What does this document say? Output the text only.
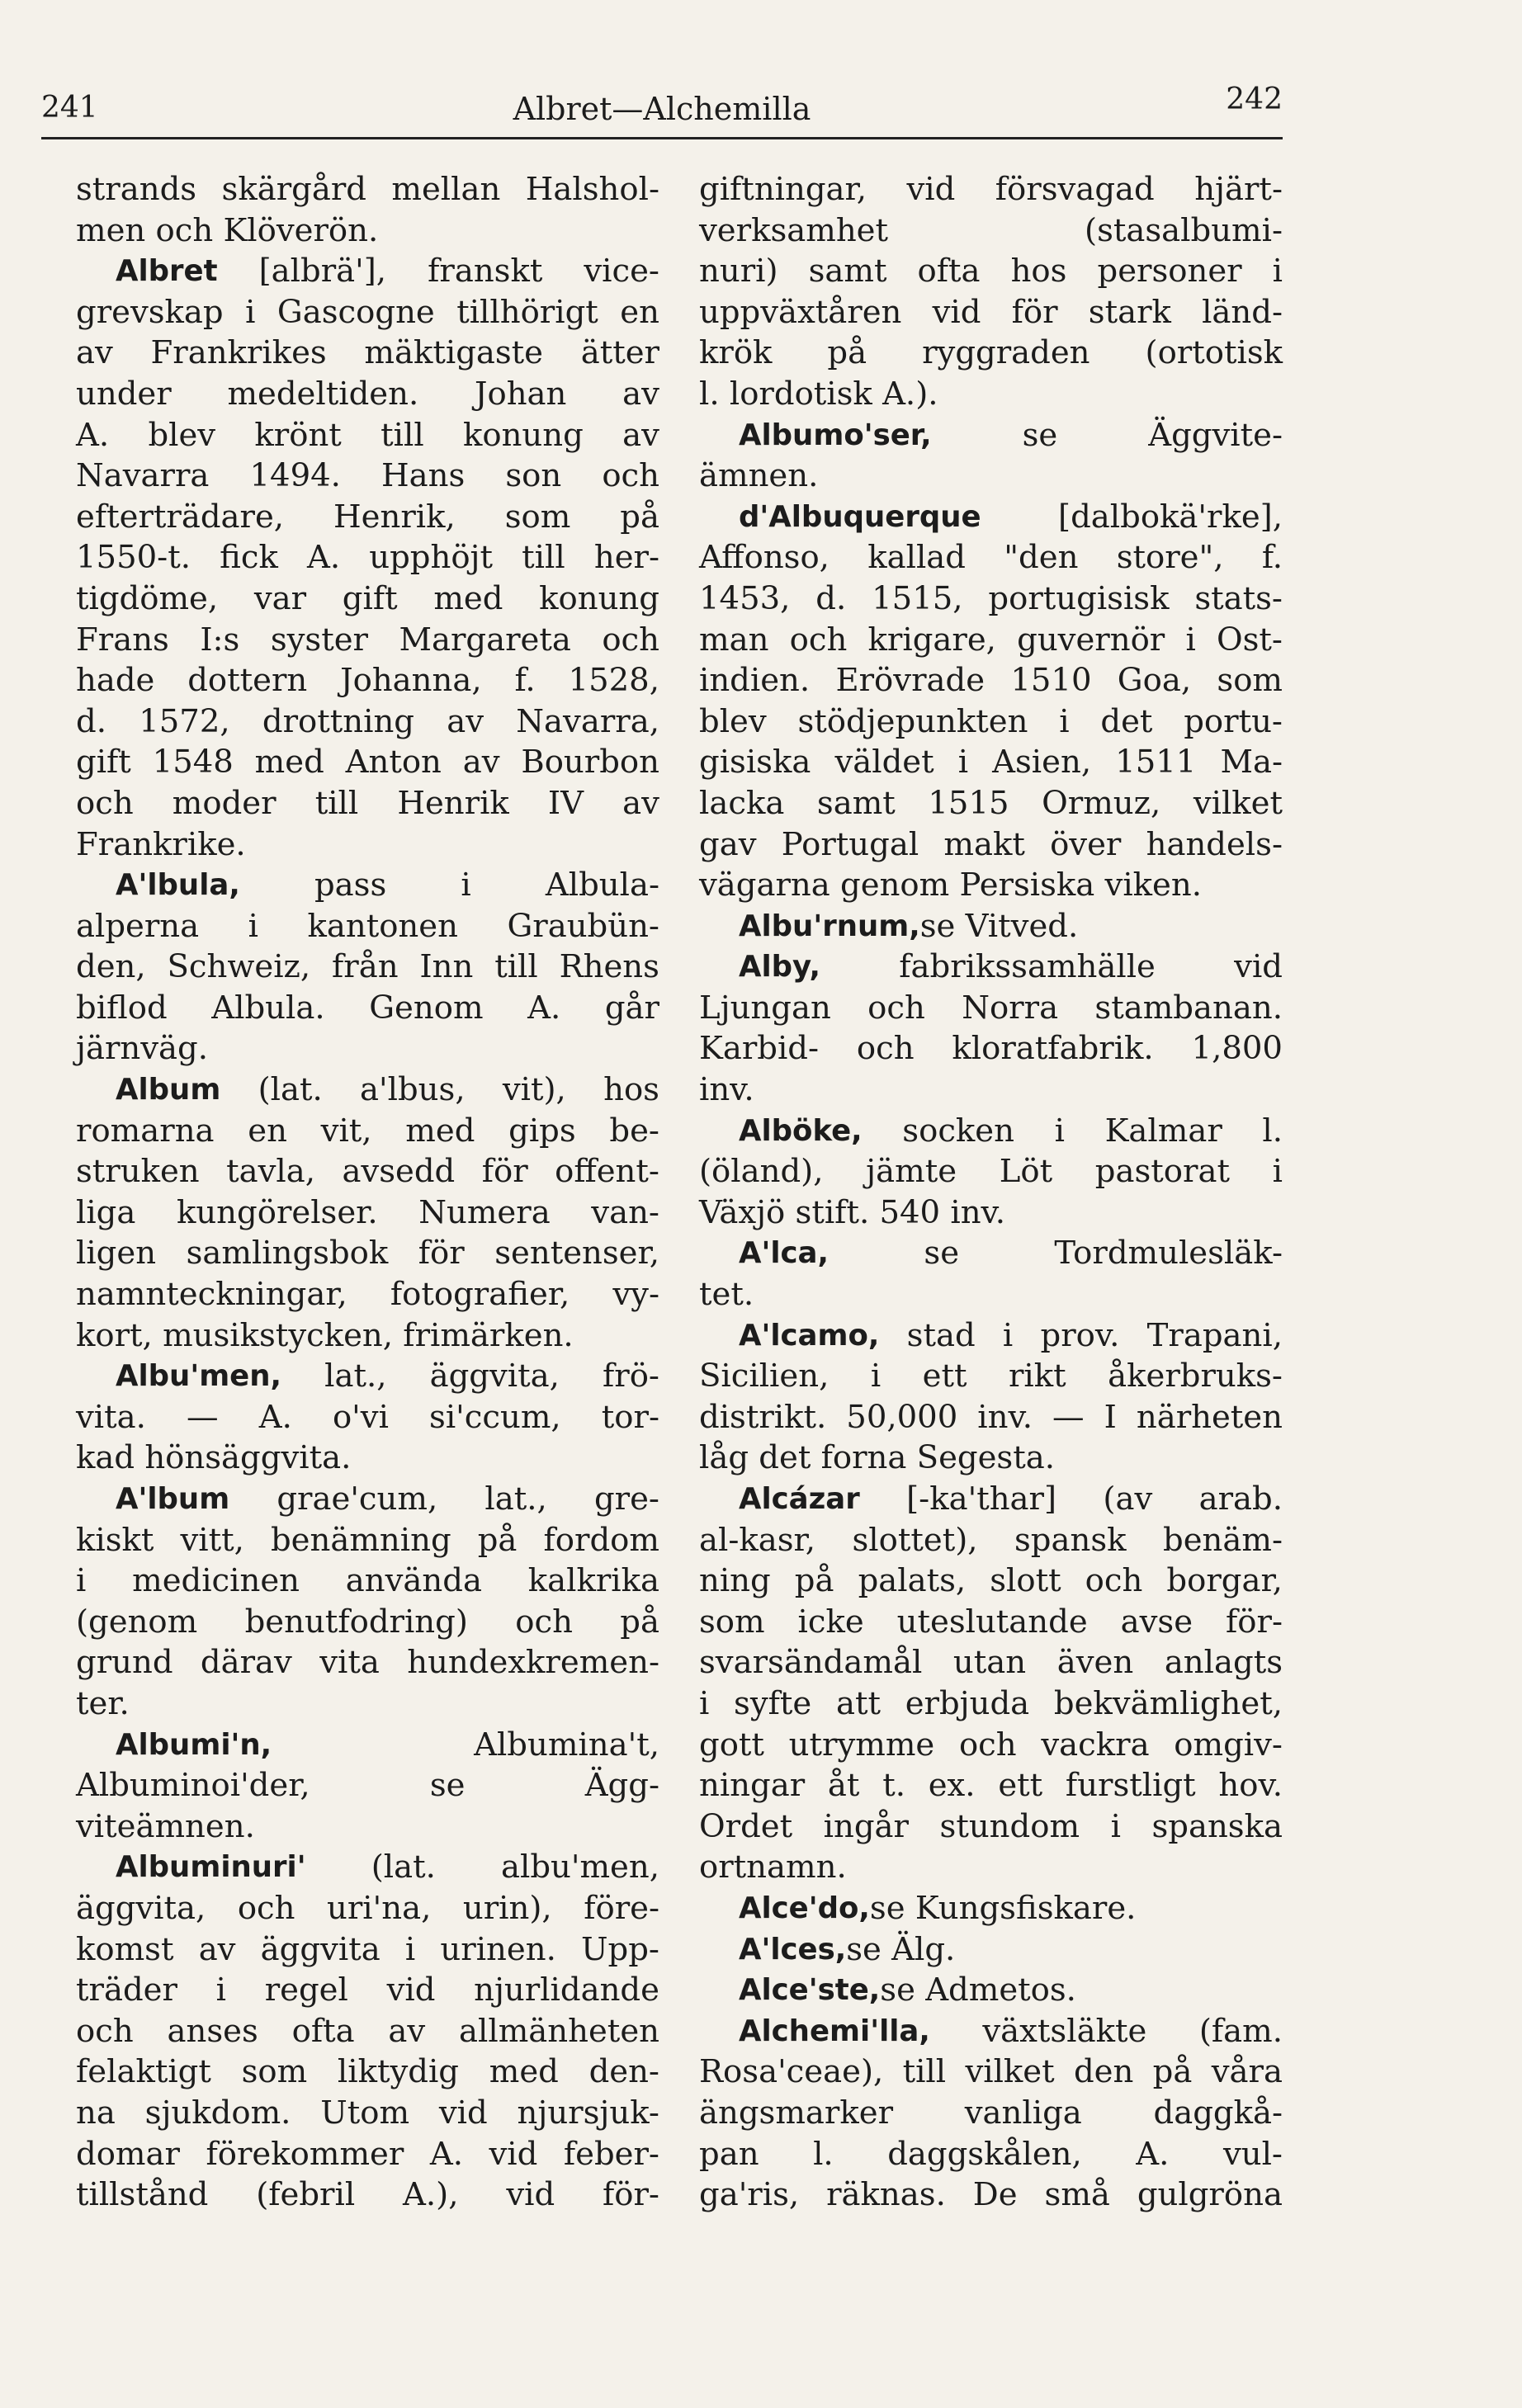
241	Albret—Alchemilla	242
strands skärgård mellan Halshol-
men och Klöverön.
Albret [albrä'], franskt vice-
grevskap i Gascogne tillhörigt en
av Frankrikes mäktigaste ätter
under medeltiden. Johan av
A. blev krönt till konung av
Navarra 1494. Hans son och
efterträdare, Henrik, som på
1550-t. fick A. upphöjt till her-
tigdöme, var gift med konung
Frans I:s syster Margareta och
hade dottern Johanna, f. 1528,
d. 1572, drottning av Navarra,
gift 1548 med Anton av Bourbon
och moder till Henrik IV av
Frankrike.
A'lbula, pass i Albula-
alperna i kantonen Graubün-
den, Schweiz, från Inn till Rhens
biflod Albula. Genom A. går
järnväg.
Album (lat. a'lbus, vit), hos
romarna en vit, med gips be-
struken tavla, avsedd för offent-
liga kungörelser. Numera van-
ligen samlingsbok för sentenser,
namnteckningar, fotografier, vy-
kort, musikstycken, frimärken.
Albu'men, lat., äggvita, frö-
vita. — A. o'vi si'ccum, tor-
kad hönsäggvita.
A'lbum grae'cum, lat., gre-
kiskt vitt, benämning på fordom
i medicinen använda kalkrika
(genom benutfodring) och på
grund därav vita hundexkremen-
ter.
Albumi'n,	Albumina't,
Albuminoi'der,	se	Ägg-
viteämnen.
Albuminuri' (lat. albu'men,
äggvita, och uri'na, urin), före-
komst av äggvita i urinen. Upp-
träder i regel vid njurlidande
och anses ofta av allmänheten
felaktigt som liktydig med den-
na sjukdom. Utom vid njursjuk-
domar förekommer A. vid feber-
tillstånd (febril A.), vid för-
giftningar, vid försvagad hjärt-
verksamhet	(stasalbumi-
nuri) samt ofta hos personer i
uppväxtåren vid för stark länd-
krök på ryggraden (ortotisk
l. lordotisk A.).
Albumo'ser,	se	Äggvite-
ämnen.
d'Albuquerque [dalbokä'rke],
Affonso, kallad "den store", f.
1453, d. 1515, portugisisk stats-
man och krigare, guvernör i Ost-
indien. Erövrade 1510 Goa, som
blev stödjepunkten i det portu-
gisiska väldet i Asien, 1511 Ma-
lacka samt 1515 Ormuz, vilket
gav Portugal makt över handels-
vägarna genom Persiska viken.
Albu'rnum, se Vitved.
Alby, fabrikssamhälle vid
Ljungan och Norra stambanan.
Karbid- och kloratfabrik. 1,800
inv.
Alböke, socken i Kalmar l.
(öland), jämte Löt pastorat i
Växjö stift. 540 inv.
A'lca,	se	Tordmulesläk-
tet.
A'lcamo, stad i prov. Trapani,
Sicilien, i ett rikt åkerbruks-
distrikt. 50,000 inv. — I närheten
låg det forna Segesta.
Alcázar [-ka'thar] (av arab.
al-kasr, slottet), spansk benäm-
ning på palats, slott och borgar,
som icke uteslutande avse för-
svarsändamål utan även anlagts
i syfte att erbjuda bekvämlighet,
gott utrymme och vackra omgiv-
ningar åt t. ex. ett furstligt hov.
Ordet ingår stundom i spanska
ortnamn.
Alce'do, se Kungsfiskare.
A'lces, se Älg.
Alce'ste, se Admetos.
Alchemi'lla, växtsläkte (fam.
Rosa'ceae), till vilket den på våra
ängsmarker vanliga daggkå-
pan l. daggskålen, A. vul-
ga'ris, räknas. De små gulgröna
